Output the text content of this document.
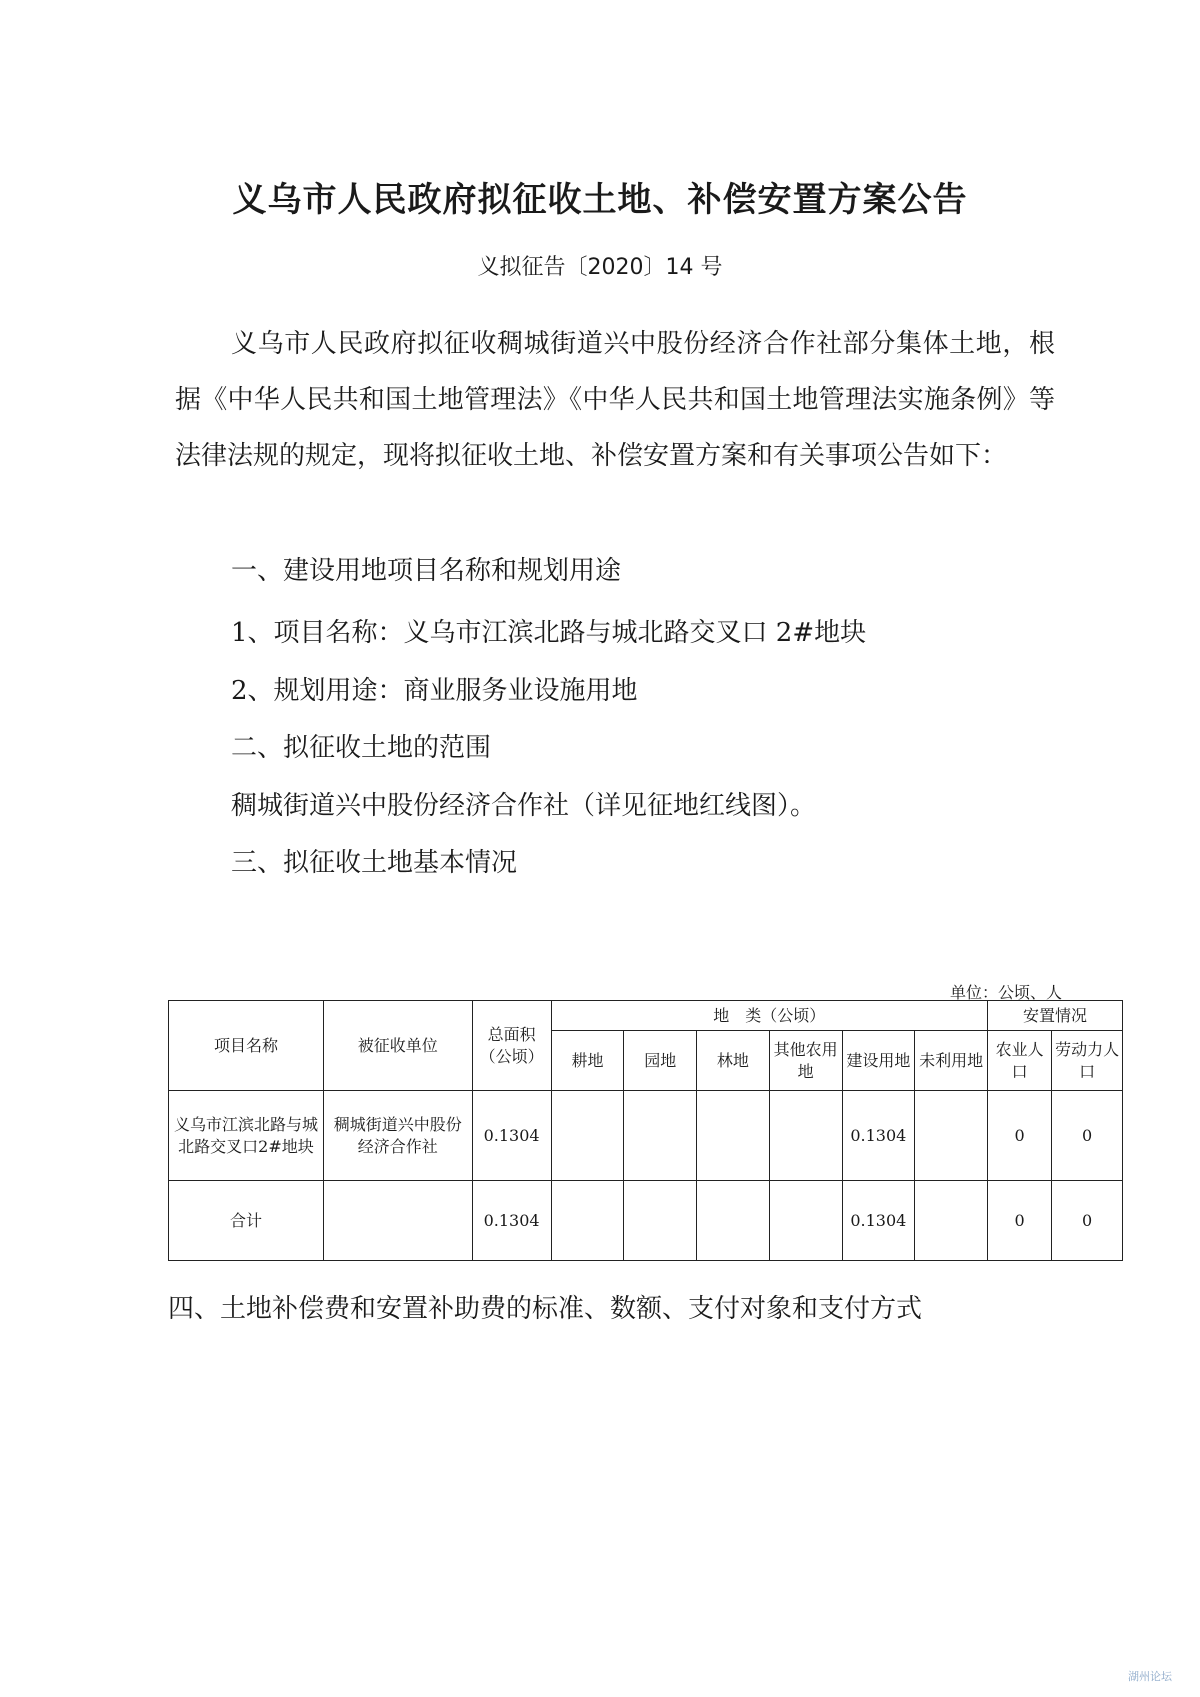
义乌市人民政府拟征收土地、补偿安置方案公告
义拟征告〔2020〕14 号

义乌市人民政府拟征收稠城街道兴中股份经济合作社部分集体土地，根据《中华人民共和国土地管理法》《中华人民共和国土地管理法实施条例》等法律法规的规定，现将拟征收土地、补偿安置方案和有关事项公告如下：

一、建设用地项目名称和规划用途
1、项目名称：义乌市江滨北路与城北路交叉口 2#地块
2、规划用途：商业服务业设施用地
二、拟征收土地的范围
稠城街道兴中股份经济合作社（详见征地红线图）。
三、拟征收土地基本情况
单位：公顷、人
项目名称	被征收单位	总面积（公顷）	地　类（公顷）						安置情况	
			耕地	园地	林地	其他农用地	建设用地	未利用地	农业人口	劳动力人口
义乌市江滨北路与城北路交叉口2#地块	稠城街道兴中股份经济合作社	0.1304					0.1304		0	0
合计		0.1304					0.1304		0	0
四、土地补偿费和安置补助费的标准、数额、支付对象和支付方式
湖州论坛
